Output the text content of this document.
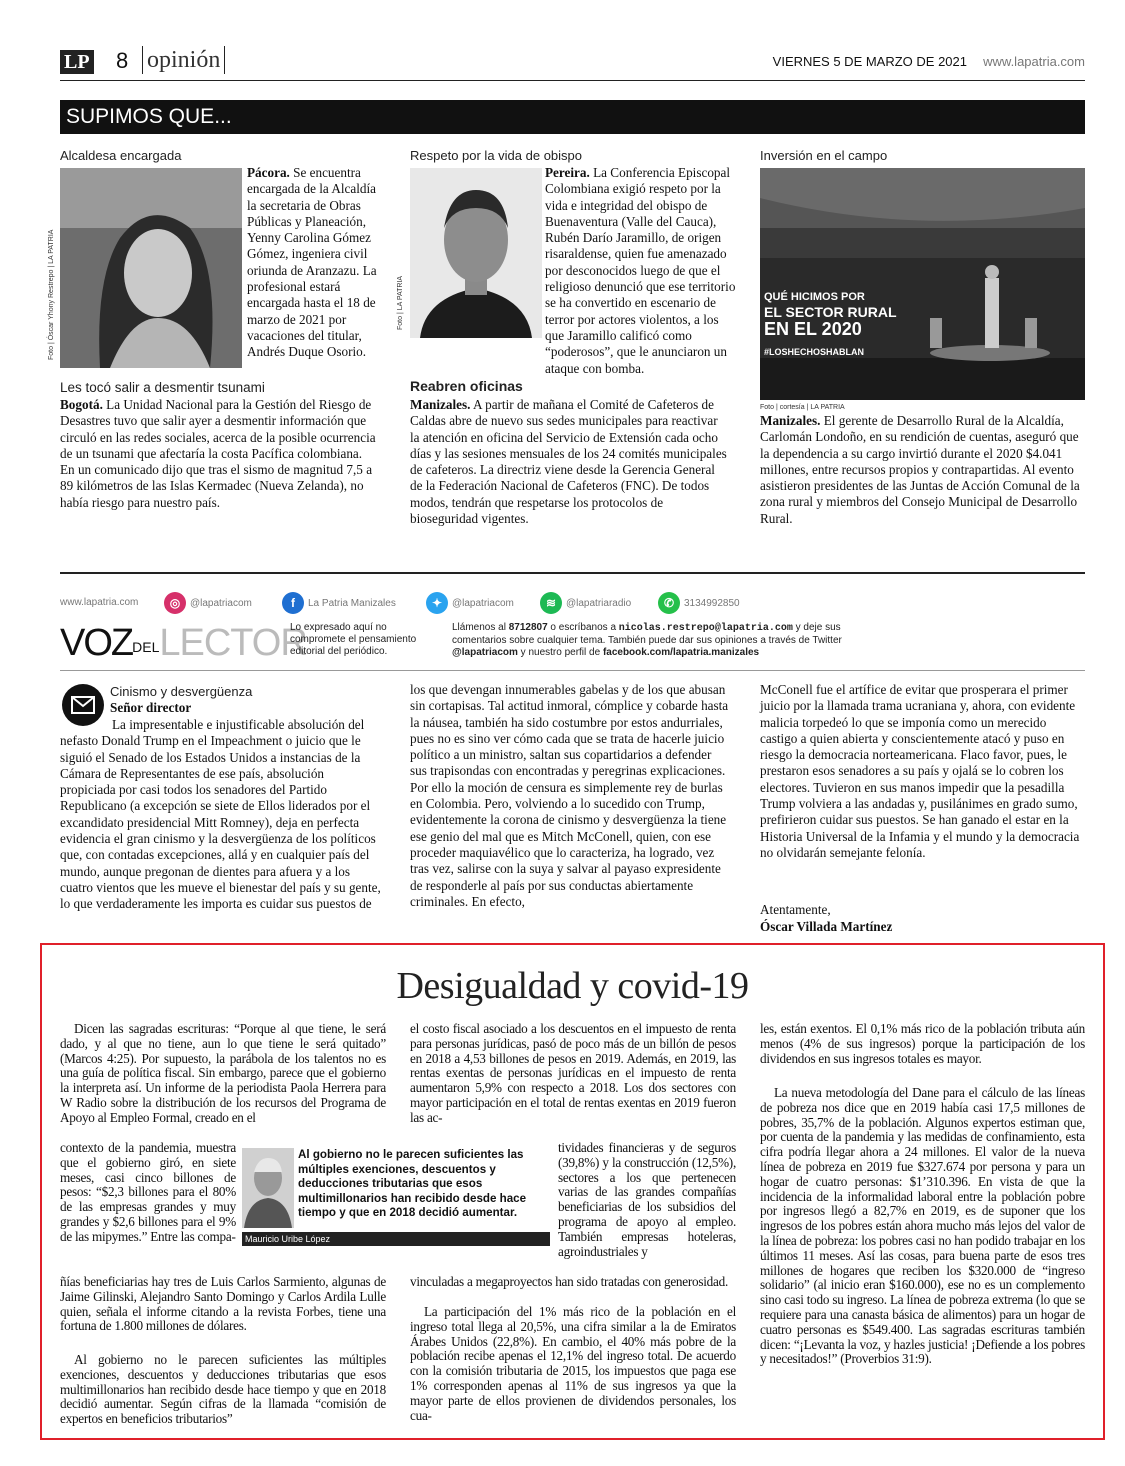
LP 8 opinión	VIERNES 5 DE MARZO DE 2021 www.lapatria.com
SUPIMOS QUE...
Alcaldesa encargada
Foto | Óscar Yhony Restrepo | LA PATRIA
Pácora. Se encuentra encargada de la Alcaldía la secretaria de Obras Públicas y Planeación, Yenny Carolina Gómez Gómez, ingeniera civil oriunda de Aranzazu. La profesional estará encargada hasta el 18 de marzo de 2021 por vacaciones del titular, Andrés Duque Osorio.
Les tocó salir a desmentir tsunami
Bogotá. La Unidad Nacional para la Gestión del Riesgo de Desastres tuvo que salir ayer a desmentir información que circuló en las redes sociales, acerca de la posible ocurrencia de un tsunami que afectaría la costa Pacífica colombiana. En un comunicado dijo que tras el sismo de magnitud 7,5 a 89 kilómetros de las Islas Kermadec (Nueva Zelanda), no había riesgo para nuestro país.
Respeto por la vida de obispo
Foto | LA PATRIA
Pereira. La Conferencia Episcopal Colombiana exigió respeto por la vida e integridad del obispo de Buenaventura (Valle del Cauca), Rubén Darío Jaramillo, de origen risaraldense, quien fue amenazado por desconocidos luego de que el religioso denunció que ese territorio se ha convertido en escenario de terror por actores violentos, a los que Jaramillo calificó como “poderosos”, que le anunciaron un ataque con bomba.
Reabren oficinas
Manizales. A partir de mañana el Comité de Cafeteros de Caldas abre de nuevo sus sedes municipales para reactivar la atención en oficina del Servicio de Extensión cada ocho días y las sesiones mensuales de los 24 comités municipales de cafeteros. La directriz viene desde la Gerencia General de la Federación Nacional de Cafeteros (FNC). De todos modos, tendrán que respetarse los protocolos de bioseguridad vigentes.
Inversión en el campo
QUÉ HICIMOS POR
EL SECTOR RURAL
EN EL 2020
#LOSHECHOSHABLAN
Foto | cortesía | LA PATRIA
Manizales. El gerente de Desarrollo Rural de la Alcaldía, Carlomán Londoño, en su rendición de cuentas, aseguró que la dependencia a su cargo invirtió durante el 2020 $4.041 millones, entre recursos propios y contrapartidas. Al evento asistieron presidentes de las Juntas de Acción Comunal de la zona rural y miembros del Consejo Municipal de Desarrollo Rural.
www.lapatria.com	◎ @lapatriacom	f	La Patria Manizales	✦ @lapatriacom	≋ @lapatriaradio	✆ 3134992850
VOZDELLECTOR
Lo expresado aquí no compromete el pensamiento editorial del periódico.
Llámenos al 8712807 o escríbanos a nicolas.restrepo@lapatria.com y deje sus comentarios sobre cualquier tema. También puede dar sus opiniones a través de Twitter @lapatriacom y nuestro perfil de facebook.com/lapatria.manizales
Cinismo y desvergüenza
Señor director
La impresentable e injustificable absolución del nefasto Donald Trump en el Impeachment o juicio que le siguió el Senado de los Estados Unidos a instancias de la Cámara de Representantes de ese país, absolución propiciada por casi todos los senadores del Partido Republicano (a excepción se siete de Ellos liderados por el excandidato presidencial Mitt Romney), deja en perfecta evidencia el gran cinismo y la desvergüenza de los políticos que, con contadas excepciones, allá y en cualquier país del mundo, aunque pregonan de dientes para afuera y a los cuatro vientos que les mueve el bienestar del país y su gente, lo que verdaderamente les importa es cuidar sus puestos de
los que devengan innumerables gabelas y de los que abusan sin cortapisas. Tal actitud inmoral, cómplice y cobarde hasta la náusea, también ha sido costumbre por estos andurriales, pues no es sino ver cómo cada que se trata de hacerle juicio político a un ministro, saltan sus copartidarios a defender sus trapisondas con encontradas y peregrinas explicaciones. Por ello la moción de censura es simplemente rey de burlas en Colombia. Pero, volviendo a lo sucedido con Trump, evidentemente la corona de cinismo y desvergüenza la tiene ese genio del mal que es Mitch McConell, quien, con ese proceder maquiavélico que lo caracteriza, ha logrado, vez tras vez, salirse con la suya y salvar al payaso expresidente de responderle al país por sus conductas abiertamente criminales. En efecto,
McConell fue el artífice de evitar que prosperara el primer juicio por la llamada trama ucraniana y, ahora, con evidente malicia torpedeó lo que se imponía como un merecido castigo a quien abierta y conscientemente atacó y puso en riesgo la democracia norteamericana. Flaco favor, pues, le prestaron esos senadores a su país y ojalá se lo cobren los electores. Tuvieron en sus manos impedir que la pesadilla Trump volviera a las andadas y, pusilánimes en grado sumo, prefirieron cuidar sus puestos. Se han ganado el estar en la Historia Universal de la Infamia y el mundo y la democracia no olvidarán semejante felonía.
Atentamente,
Óscar Villada Martínez
Desigualdad y covid-19
Dicen las sagradas escrituras: “Porque al que tiene, le será dado, y al que no tiene, aun lo que tiene le será quitado” (Marcos 4:25). Por supuesto, la parábola de los talentos no es una guía de política fiscal. Sin embargo, parece que el gobierno la interpreta así. Un informe de la periodista Paola Herrera para W Radio sobre la distribución de los recursos del Programa de Apoyo al Empleo Formal, creado en el
contexto de la pandemia, muestra que el gobierno giró, en siete meses, casi cinco billones de pesos: “$2,3 billones para el 80% de las empresas grandes y muy grandes y $2,6 billones para el 9% de las mipymes.” Entre las compa-
ñías beneficiarias hay tres de Luis Carlos Sarmiento, algunas de Jaime Gilinski, Alejandro Santo Domingo y Carlos Ardila Lulle quien, señala el informe citando a la revista Forbes, tiene una fortuna de 1.800 millones de dólares.
Al gobierno no le parecen suficientes las múltiples exenciones, descuentos y deducciones tributarias que esos multimillonarios han recibido desde hace tiempo y que en 2018 decidió aumentar. Según cifras de la llamada “comisión de expertos en beneficios tributarios”
Al gobierno no le parecen suficientes las múltiples exenciones, descuentos y deducciones tributarias que esos multimillonarios han recibido desde hace tiempo y que en 2018 decidió aumentar.
Mauricio Uribe López
el costo fiscal asociado a los descuentos en el impuesto de renta para personas jurídicas, pasó de poco más de un billón de pesos en 2018 a 4,53 billones de pesos en 2019. Además, en 2019, las rentas exentas de personas jurídicas en el impuesto de renta aumentaron 5,9% con respecto a 2018. Los dos sectores con mayor participación en el total de rentas exentas en 2019 fueron las ac-
tividades financieras y de seguros (39,8%) y la construcción (12,5%), sectores a los que pertenecen varias de las grandes compañías beneficiarias de los subsidios del programa de apoyo al empleo. También empresas hoteleras, agroindustriales y
vinculadas a megaproyectos han sido tratadas con generosidad.
La participación del 1% más rico de la población en el ingreso total llega al 20,5%, una cifra similar a la de Emiratos Árabes Unidos (22,8%). En cambio, el 40% más pobre de la población recibe apenas el 12,1% del ingreso total. De acuerdo con la comisión tributaria de 2015, los impuestos que paga ese 1% corresponden apenas al 11% de sus ingresos ya que la mayor parte de ellos provienen de dividendos personales, los cua-
les, están exentos. El 0,1% más rico de la población tributa aún menos (4% de sus ingresos) porque la participación de los dividendos en sus ingresos totales es mayor.
La nueva metodología del Dane para el cálculo de las líneas de pobreza nos dice que en 2019 había casi 17,5 millones de pobres, 35,7% de la población. Algunos expertos estiman que, por cuenta de la pandemia y las medidas de confinamiento, esta cifra podría llegar ahora a 24 millones. El valor de la nueva línea de pobreza en 2019 fue $327.674 por persona y para un hogar de cuatro personas: $1’310.396. En vista de que la incidencia de la informalidad laboral entre la población pobre por ingresos llegó a 82,7% en 2019, es de suponer que los ingresos de los pobres están ahora mucho más lejos del valor de la línea de pobreza: los pobres casi no han podido trabajar en los últimos 11 meses. Así las cosas, para buena parte de esos tres millones de hogares que reciben los $320.000 de “ingreso solidario” (al inicio eran $160.000), ese no es un complemento sino casi todo su ingreso. La línea de pobreza extrema (lo que se requiere para una canasta básica de alimentos) para un hogar de cuatro personas es $549.400. Las sagradas escrituras también dicen: “¡Levanta la voz, y hazles justicia! ¡Defiende a los pobres y necesitados!” (Proverbios 31:9).
